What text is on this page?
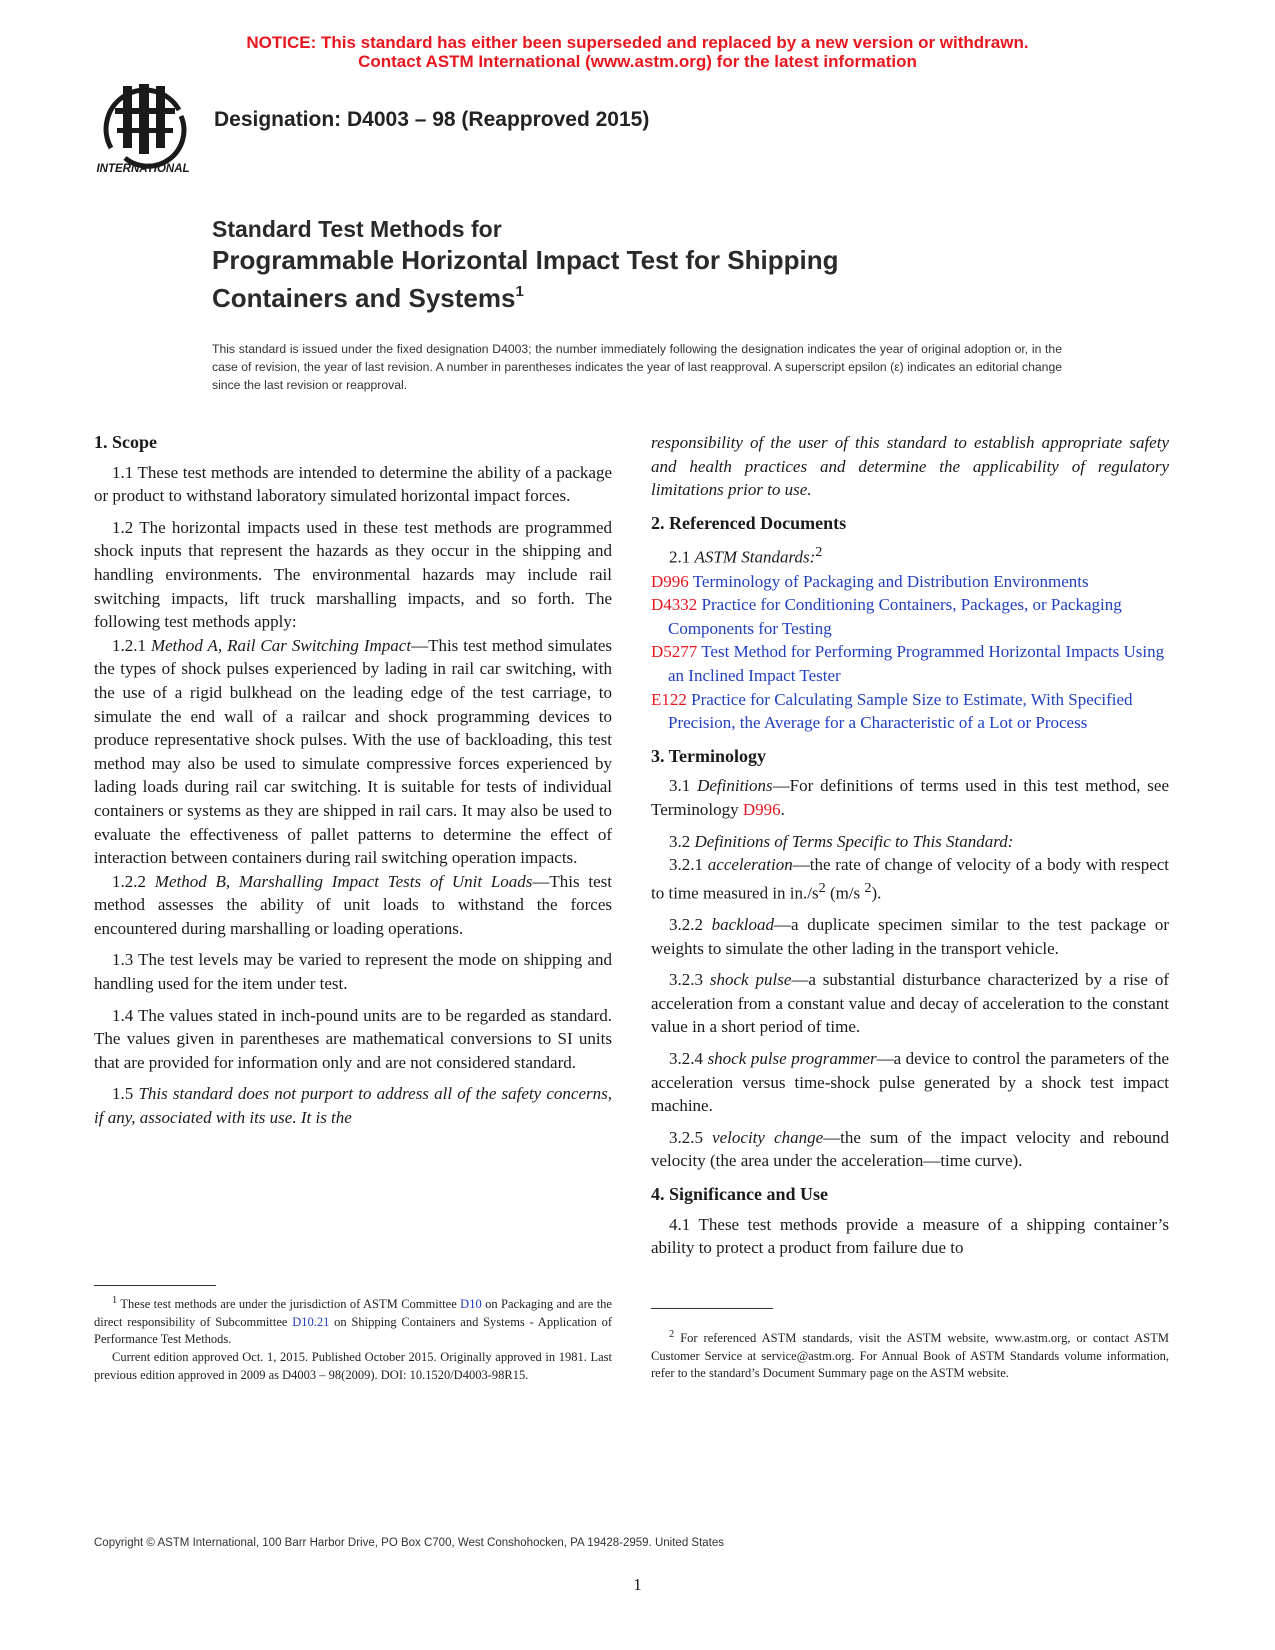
NOTICE: This standard has either been superseded and replaced by a new version or withdrawn.
Contact ASTM International (www.astm.org) for the latest information
INTERNATIONAL
Designation: D4003 – 98 (Reapproved 2015)
Standard Test Methods for
Programmable Horizontal Impact Test for Shipping
Containers and Systems$^1$
This standard is issued under the fixed designation D4003; the number immediately following the designation indicates the year of original adoption or, in the case of revision, the year of last revision. A number in parentheses indicates the year of last reapproval. A superscript epsilon (ε) indicates an editorial change since the last revision or reapproval.
1. Scope

1.1 These test methods are intended to determine the ability of a package or product to withstand laboratory simulated horizontal impact forces.

1.2 The horizontal impacts used in these test methods are programmed shock inputs that represent the hazards as they occur in the shipping and handling environments. The environmental hazards may include rail switching impacts, lift truck marshalling impacts, and so forth. The following test methods apply:

1.2.1 Method A, Rail Car Switching Impact—This test method simulates the types of shock pulses experienced by lading in rail car switching, with the use of a rigid bulkhead on the leading edge of the test carriage, to simulate the end wall of a railcar and shock programming devices to produce representative shock pulses. With the use of backloading, this test method may also be used to simulate compressive forces experienced by lading loads during rail car switching. It is suitable for tests of individual containers or systems as they are shipped in rail cars. It may also be used to evaluate the effectiveness of pallet patterns to determine the effect of interaction between containers during rail switching operation impacts.

1.2.2 Method B, Marshalling Impact Tests of Unit Loads—This test method assesses the ability of unit loads to withstand the forces encountered during marshalling or loading operations.

1.3 The test levels may be varied to represent the mode on shipping and handling used for the item under test.

1.4 The values stated in inch-pound units are to be regarded as standard. The values given in parentheses are mathematical conversions to SI units that are provided for information only and are not considered standard.

1.5 This standard does not purport to address all of the safety concerns, if any, associated with its use. It is the

responsibility of the user of this standard to establish appropriate safety and health practices and determine the applicability of regulatory limitations prior to use.

2. Referenced Documents

2.1 ASTM Standards:$^2$

D996 Terminology of Packaging and Distribution Environments

D4332 Practice for Conditioning Containers, Packages, or Packaging Components for Testing

D5277 Test Method for Performing Programmed Horizontal Impacts Using an Inclined Impact Tester

E122 Practice for Calculating Sample Size to Estimate, With Specified Precision, the Average for a Characteristic of a Lot or Process

3. Terminology

3.1 Definitions—For definitions of terms used in this test method, see Terminology D996.

3.2 Definitions of Terms Specific to This Standard:

3.2.1 acceleration—the rate of change of velocity of a body with respect to time measured in $in./s^2$ (m/s $^2$).

3.2.2 backload—a duplicate specimen similar to the test package or weights to simulate the other lading in the transport vehicle.

3.2.3 shock pulse—a substantial disturbance characterized by a rise of acceleration from a constant value and decay of acceleration to the constant value in a short period of time.

3.2.4 shock pulse programmer—a device to control the parameters of the acceleration versus time-shock pulse generated by a shock test impact machine.

3.2.5 velocity change—the sum of the impact velocity and rebound velocity (the area under the acceleration—time curve).

4. Significance and Use

4.1 These test methods provide a measure of a shipping container’s ability to protect a product from failure due to

$^1$ These test methods are under the jurisdiction of ASTM Committee D10 on Packaging and are the direct responsibility of Subcommittee D10.21 on Shipping Containers and Systems - Application of Performance Test Methods.

Current edition approved Oct. 1, 2015. Published October 2015. Originally approved in 1981. Last previous edition approved in 2009 as D4003 – 98(2009). DOI: 10.1520/D4003-98R15.

$^2$ For referenced ASTM standards, visit the ASTM website, www.astm.org, or contact ASTM Customer Service at service@astm.org. For Annual Book of ASTM Standards volume information, refer to the standard’s Document Summary page on the ASTM website.

Copyright © ASTM International, 100 Barr Harbor Drive, PO Box C700, West Conshohocken, PA 19428-2959. United States
1
